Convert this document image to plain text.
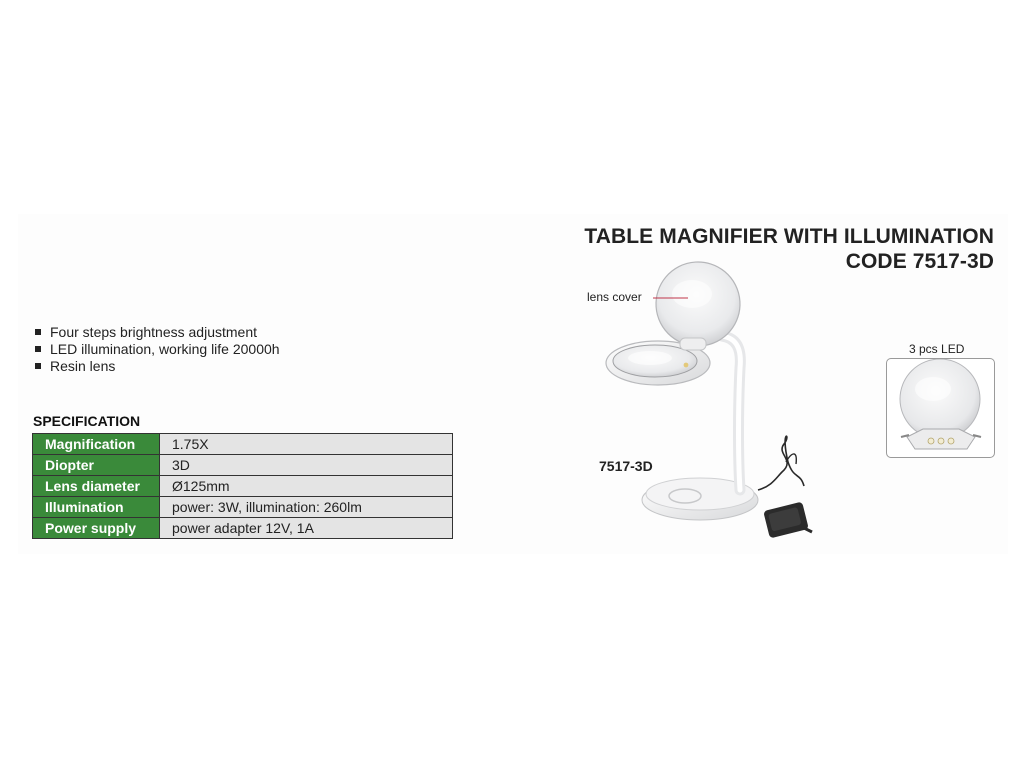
TABLE MAGNIFIER WITH ILLUMINATION
CODE 7517-3D
Four steps brightness adjustment
LED illumination, working life 20000h
Resin lens
SPECIFICATION
Magnification	1.75X
Diopter	3D
Lens diameter	Ø125mm
Illumination	power: 3W, illumination: 260lm
Power supply	power adapter 12V, 1A
lens cover
7517-3D
3 pcs LED
